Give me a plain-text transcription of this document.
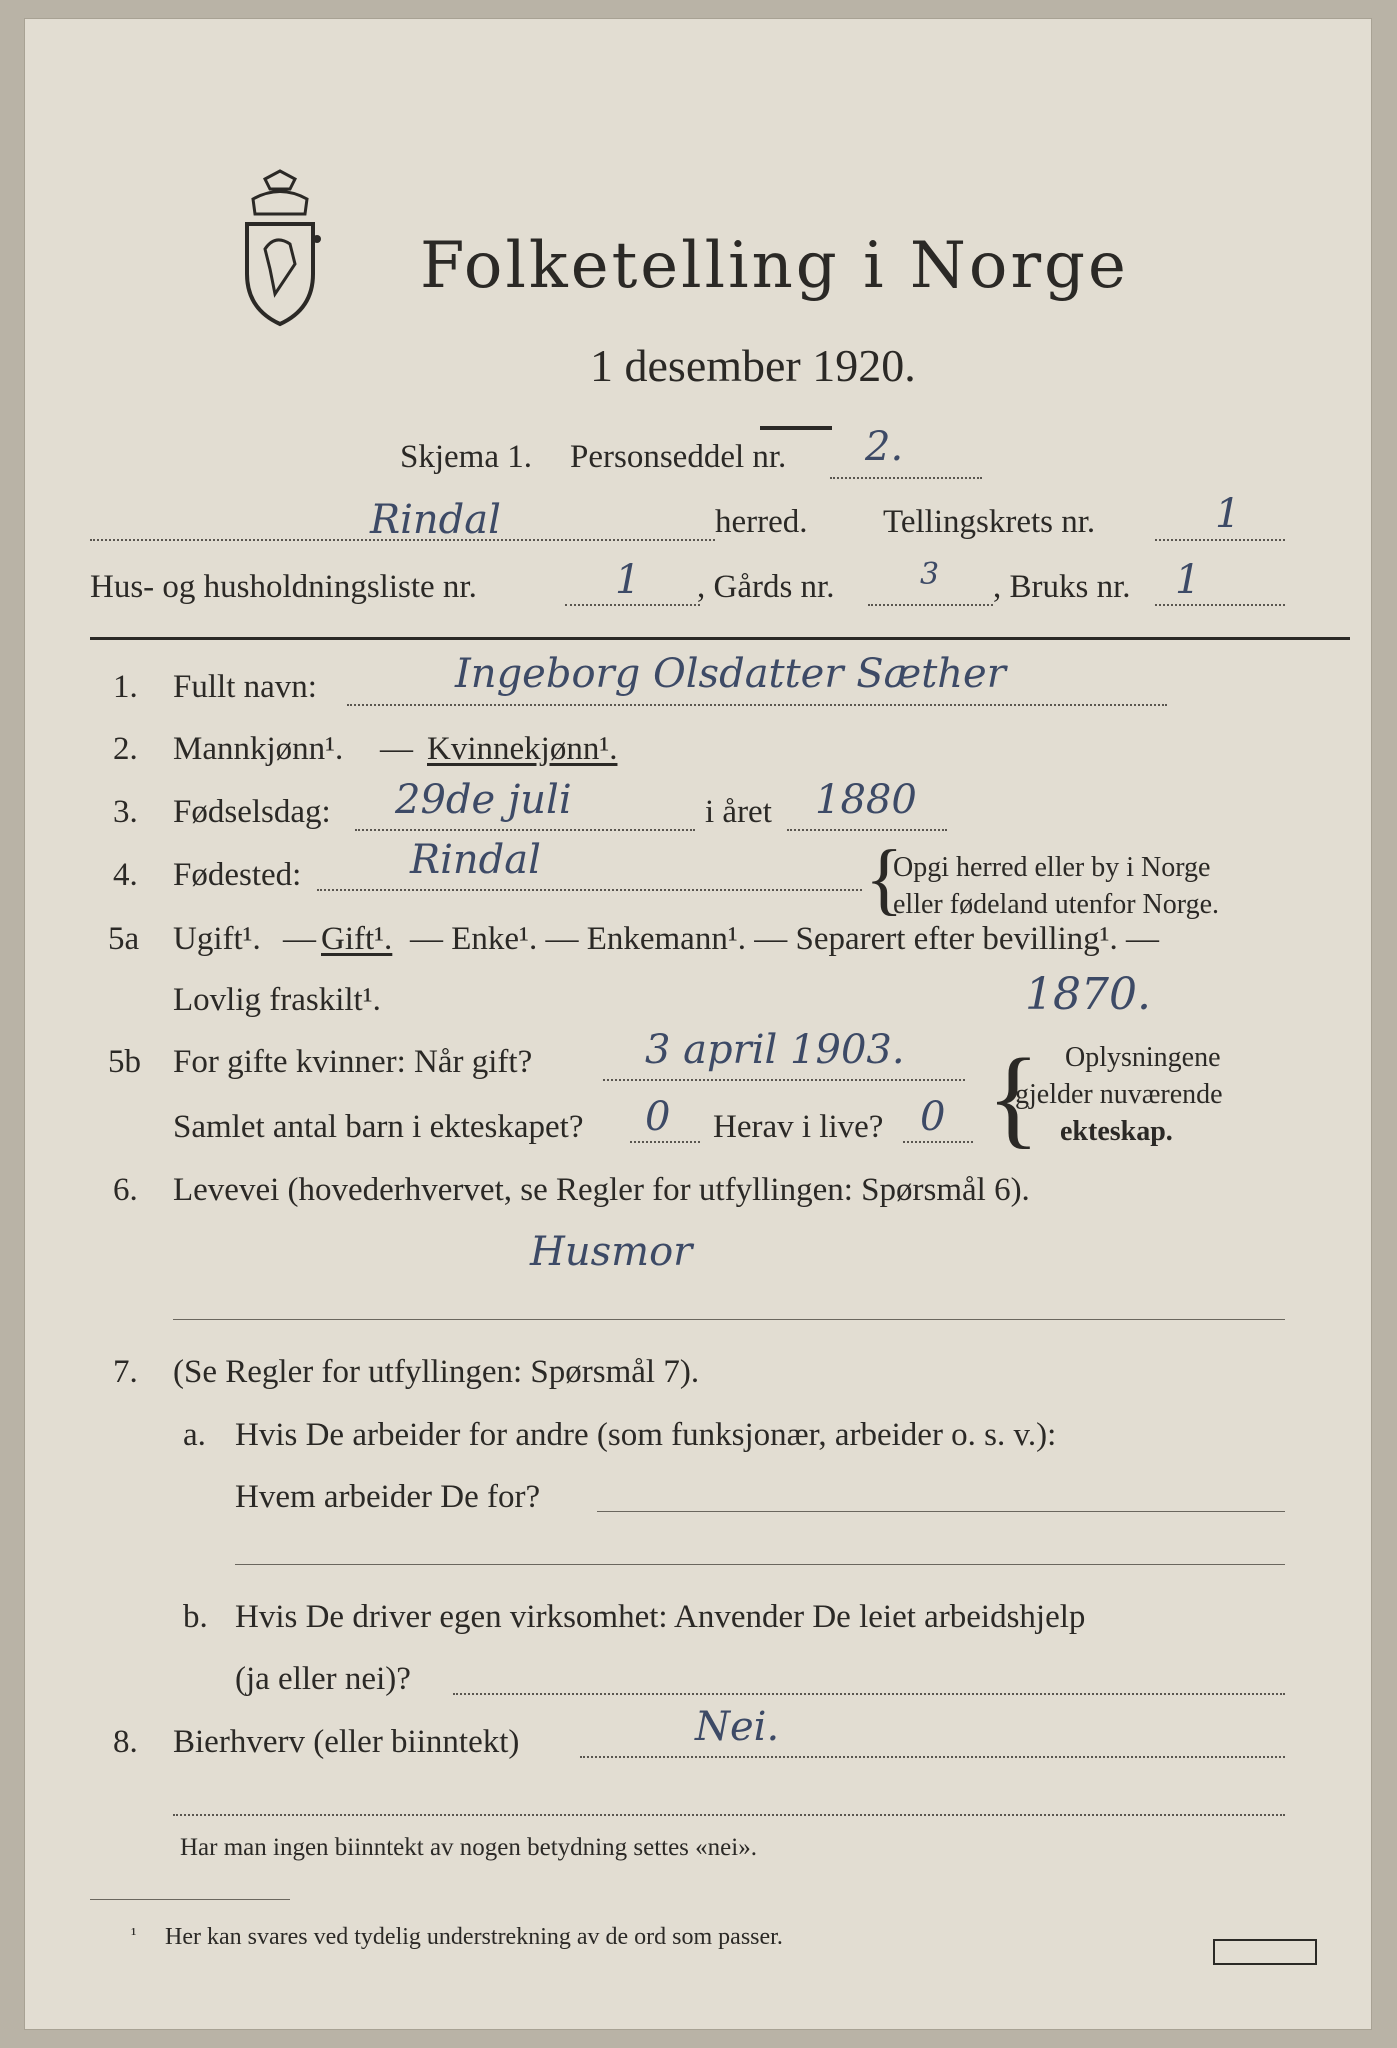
Folketelling i Norge
1 desember 1920.
Skjema 1. Personseddel nr. 2.
Rindal	herred. Tellingskrets nr.	1
Hus- og husholdningsliste nr.	1 , Gårds nr.	3 , Bruks nr. 1
1. Fullt navn:	Ingeborg Olsdatter Sæther
2. Mannkjønn¹. — Kvinnekjønn¹.
3. Fødselsdag: 29de juli	i året 1880
4. Fødested:	Rindal	{
Opgi herred eller by i Norge
eller fødeland utenfor Norge.
5a Ugift¹. — Gift¹. — Enke¹. — Enkemann¹. — Separert efter bevilling¹. —
Lovlig fraskilt¹.	1870.
5b For gifte kvinner: Når gift?	3 april 1903.
Samlet antal barn i ekteskapet? 0 Herav i live? 0 { Oplysningene
gjelder nuværende
ekteskap.
6. Levevei (hovederhvervet, se Regler for utfyllingen: Spørsmål 6).
Husmor
7. (Se Regler for utfyllingen: Spørsmål 7).
a. Hvis De arbeider for andre (som funksjonær, arbeider o. s. v.):
Hvem arbeider De for?
b. Hvis De driver egen virksomhet: Anvender De leiet arbeidshjelp
(ja eller nei)?
8. Bierhverv (eller biinntekt)	Nei.
Har man ingen biinntekt av nogen betydning settes «nei».
¹ Her kan svares ved tydelig understrekning av de ord som passer.
